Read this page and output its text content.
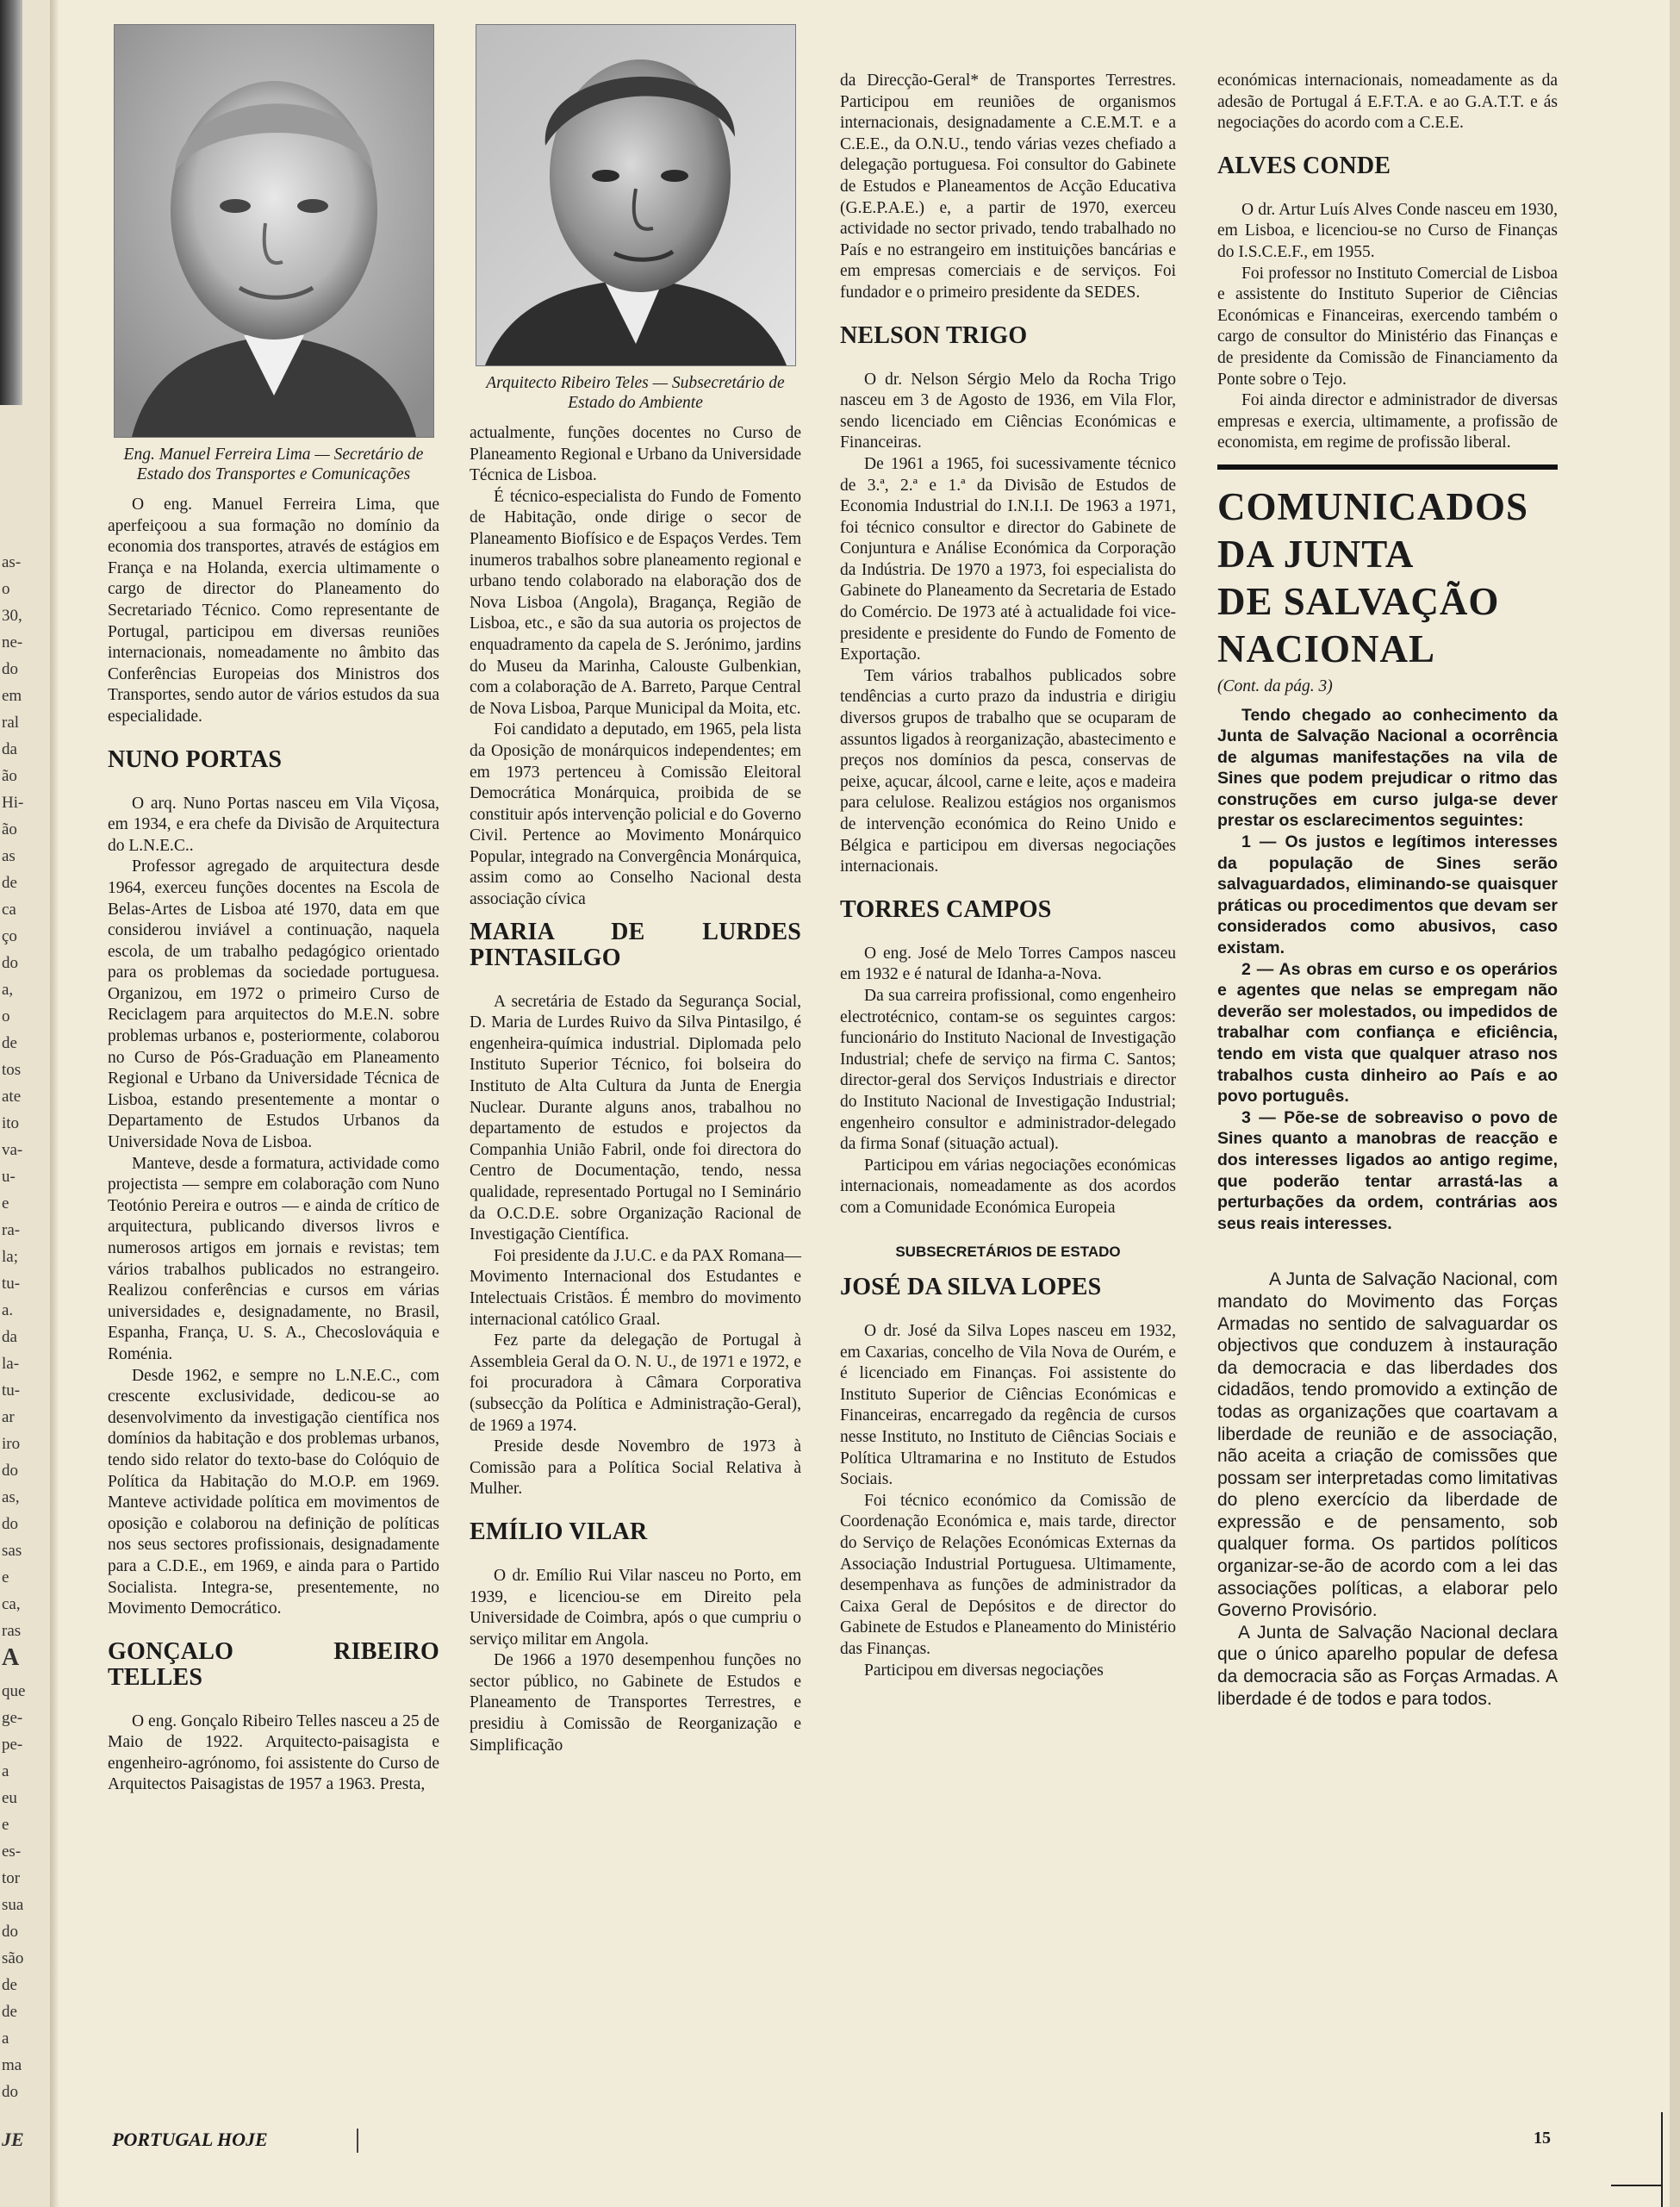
as-
o
30,
ne-
do
em
ral
da
ão
Hi-
ão
as
de
ca
ço
do
a,
o
de
tos
ate
ito
va-
u-
e
ra-
la;
tu-
a.
da
la-
tu-
ar
iro
do
as,
do
sas
e
ca,
ras
A
que
ge-
pe-
a
eu
e
es-
tor
sua
do
são
de
de
a
ma
do
JE
Eng. Manuel Ferreira Lima — Secretário de Estado dos Transportes e Comunicações

O eng. Manuel Ferreira Lima, que aperfeiçoou a sua formação no domínio da economia dos transportes, através de estágios em França e na Holanda, exercia ultimamente o cargo de director do Planeamento do Secretariado Técnico. Como representante de Portugal, participou em diversas reuniões internacionais, nomeadamente no âmbito das Conferências Europeias dos Ministros dos Transportes, sendo autor de vários estudos da sua especialidade.

NUNO PORTAS

O arq. Nuno Portas nasceu em Vila Viçosa, em 1934, e era chefe da Divisão de Arquitectura do L.N.E.C..

Professor agregado de arquitectura desde 1964, exerceu funções docentes na Escola de Belas-Artes de Lisboa até 1970, data em que considerou inviável a continuação, naquela escola, de um trabalho pedagógico orientado para os problemas da sociedade portuguesa. Organizou, em 1972 o primeiro Curso de Reciclagem para arquitectos do M.E.N. sobre problemas urbanos e, posteriormente, colaborou no Curso de Pós-Graduação em Planeamento Regional e Urbano da Universidade Técnica de Lisboa, estando presentemente a montar o Departamento de Estudos Urbanos da Universidade Nova de Lisboa.

Manteve, desde a formatura, actividade como projectista — sempre em colaboração com Nuno Teotónio Pereira e outros — e ainda de crítico de arquitectura, publicando diversos livros e numerosos artigos em jornais e revistas; tem vários trabalhos publicados no estrangeiro. Realizou conferências e cursos em várias universidades e, designadamente, no Brasil, Espanha, França, U. S. A., Checoslováquia e Roménia.

Desde 1962, e sempre no L.N.E.C., com crescente exclusividade, dedicou-se ao desenvolvimento da investigação científica nos domínios da habitação e dos problemas urbanos, tendo sido relator do texto-base do Colóquio de Política da Habitação do M.O.P. em 1969. Manteve actividade política em movimentos de oposição e colaborou na definição de políticas nos seus sectores profissionais, designadamente para a C.D.E., em 1969, e ainda para o Partido Socialista. Integra-se, presentemente, no Movimento Democrático.

GONÇALO RIBEIRO TELLES

O eng. Gonçalo Ribeiro Telles nasceu a 25 de Maio de 1922. Arquitecto-paisagista e engenheiro-agrónomo, foi assistente do Curso de Arquitectos Paisagistas de 1957 a 1963. Presta,

Arquitecto Ribeiro Teles — Subsecretário de Estado do Ambiente

actualmente, funções docentes no Curso de Planeamento Regional e Urbano da Universidade Técnica de Lisboa.

É técnico-especialista do Fundo de Fomento de Habitação, onde dirige o secor de Planeamento Biofísico e de Espaços Verdes. Tem inumeros trabalhos sobre planeamento regional e urbano tendo colaborado na elaboração dos de Nova Lisboa (Angola), Bragança, Região de Lisboa, etc., e são da sua autoria os projectos de enquadramento da capela de S. Jerónimo, jardins do Museu da Marinha, Calouste Gulbenkian, com a colaboração de A. Barreto, Parque Central de Nova Lisboa, Parque Municipal da Moita, etc.

Foi candidato a deputado, em 1965, pela lista da Oposição de monárquicos independentes; em em 1973 pertenceu à Comissão Eleitoral Democrática Monárquica, proibida de se constituir após intervenção policial e do Governo Civil. Pertence ao Movimento Monárquico Popular, integrado na Convergência Monárquica, assim como ao Conselho Nacional desta associação cívica

MARIA DE LURDES PINTASILGO

A secretária de Estado da Segurança Social, D. Maria de Lurdes Ruivo da Silva Pintasilgo, é engenheira-química industrial. Diplomada pelo Instituto Superior Técnico, foi bolseira do Instituto de Alta Cultura da Junta de Energia Nuclear. Durante alguns anos, trabalhou no departamento de estudos e projectos da Companhia União Fabril, onde foi directora do Centro de Documentação, tendo, nessa qualidade, representado Portugal no I Seminário da O.C.D.E. sobre Organização Racional de Investigação Científica.

Foi presidente da J.U.C. e da PAX Romana— Movimento Internacional dos Estudantes e Intelectuais Cristãos. É membro do movimento internacional católico Graal.

Fez parte da delegação de Portugal à Assembleia Geral da O. N. U., de 1971 e 1972, e foi procuradora à Câmara Corporativa (subsecção da Política e Administração-Geral), de 1969 a 1974.

Preside desde Novembro de 1973 à Comissão para a Política Social Relativa à Mulher.

EMÍLIO VILAR

O dr. Emílio Rui Vilar nasceu no Porto, em 1939, e licenciou-se em Direito pela Universidade de Coimbra, após o que cumpriu o serviço militar em Angola.

De 1966 a 1970 desempenhou funções no sector público, no Gabinete de Estudos e Planeamento de Transportes Terrestres, e presidiu à Comissão de Reorganização e Simplificação

da Direcção-Geral* de Transportes Terrestres. Participou em reuniões de organismos internacionais, designadamente a C.E.M.T. e a C.E.E., da O.N.U., tendo várias vezes chefiado a delegação portuguesa. Foi consultor do Gabinete de Estudos e Planeamentos de Acção Educativa (G.E.P.A.E.) e, a partir de 1970, exerceu actividade no sector privado, tendo trabalhado no País e no estrangeiro em instituições bancárias e em empresas comerciais e de serviços. Foi fundador e o primeiro presidente da SEDES.

NELSON TRIGO

O dr. Nelson Sérgio Melo da Rocha Trigo nasceu em 3 de Agosto de 1936, em Vila Flor, sendo licenciado em Ciências Económicas e Financeiras.

De 1961 a 1965, foi sucessivamente técnico de 3.ª, 2.ª e 1.ª da Divisão de Estudos de Economia Industrial do I.N.I.I. De 1963 a 1971, foi técnico consultor e director do Gabinete de Conjuntura e Análise Económica da Corporação da Indústria. De 1970 a 1973, foi especialista do Gabinete do Planeamento da Secretaria de Estado do Comércio. De 1973 até à actualidade foi vice-presidente e presidente do Fundo de Fomento de Exportação.

Tem vários trabalhos publicados sobre tendências a curto prazo da industria e dirigiu diversos grupos de trabalho que se ocuparam de assuntos ligados à reorganização, abastecimento e preços nos domínios da pesca, conservas de peixe, açucar, álcool, carne e leite, aços e madeira para celulose. Realizou estágios nos organismos de intervenção económica do Reino Unido e Bélgica e participou em diversas negociações internacionais.

TORRES CAMPOS

O eng. José de Melo Torres Campos nasceu em 1932 e é natural de Idanha-a-Nova.

Da sua carreira profissional, como engenheiro electrotécnico, contam-se os seguintes cargos: funcionário do Instituto Nacional de Investigação Industrial; chefe de serviço na firma C. Santos; director-geral dos Serviços Industriais e director do Instituto Nacional de Investigação Industrial; engenheiro consultor e administrador-delegado da firma Sonaf (situação actual).

Participou em várias negociações económicas internacionais, nomeadamente as dos acordos com a Comunidade Económica Europeia

SUBSECRETÁRIOS DE ESTADO
JOSÉ DA SILVA LOPES

O dr. José da Silva Lopes nasceu em 1932, em Caxarias, concelho de Vila Nova de Ourém, e é licenciado em Finanças. Foi assistente do Instituto Superior de Ciências Económicas e Financeiras, encarregado da regência de cursos nesse Instituto, no Instituto de Ciências Sociais e Política Ultramarina e no Instituto de Estudos Sociais.

Foi técnico económico da Comissão de Coordenação Económica e, mais tarde, director do Serviço de Relações Económicas Externas da Associação Industrial Portuguesa. Ultimamente, desempenhava as funções de administrador da Caixa Geral de Depósitos e de director do Gabinete de Estudos e Planeamento do Ministério das Finanças.

Participou em diversas negociações

económicas internacionais, nomeadamente as da adesão de Portugal á E.F.T.A. e ao G.A.T.T. e ás negociações do acordo com a C.E.E.

ALVES CONDE

O dr. Artur Luís Alves Conde nasceu em 1930, em Lisboa, e licenciou-se no Curso de Finanças do I.S.C.E.F., em 1955.

Foi professor no Instituto Comercial de Lisboa e assistente do Instituto Superior de Ciências Económicas e Financeiras, exercendo também o cargo de consultor do Ministério das Finanças e de presidente da Comissão de Financiamento da Ponte sobre o Tejo.

Foi ainda director e administrador de diversas empresas e exercia, ultimamente, a profissão de economista, em regime de profissão liberal.

COMUNICADOS
DA JUNTA
DE SALVAÇÃO
NACIONAL
(Cont. da pág. 3)

Tendo chegado ao conhecimento da Junta de Salvação Nacional a ocorrência de algumas manifestações na vila de Sines que podem prejudicar o ritmo das construções em curso julga-se dever prestar os esclarecimentos seguintes:

1 — Os justos e legítimos interesses da população de Sines serão salvaguardados, eliminando-se quaisquer práticas ou procedimentos que devam ser considerados como abusivos, caso existam.

2 — As obras em curso e os operários e agentes que nelas se empregam não deverão ser molestados, ou impedidos de trabalhar com confiança e eficiência, tendo em vista que qualquer atraso nos trabalhos custa dinheiro ao País e ao povo português.

3 — Põe-se de sobreaviso o povo de Sines quanto a manobras de reacção e dos interesses ligados ao antigo regime, que poderão tentar arrastá-las a perturbações da ordem, contrárias aos seus reais interesses.

A Junta de Salvação Nacional, com mandato do Movimento das Forças Armadas no sentido de salvaguardar os objectivos que conduzem à instauração da democracia e das liberdades dos cidadãos, tendo promovido a extinção de todas as organizações que coartavam a liberdade de reunião e de associação, não aceita a criação de comissões que possam ser interpretadas como limitativas do pleno exercício da liberdade de expressão e de pensamento, sob qualquer forma. Os partidos políticos organizar-se-ão de acordo com a lei das associações políticas, a elaborar pelo Governo Provisório.

A Junta de Salvação Nacional declara que o único aparelho popular de defesa da democracia são as Forças Armadas. A liberdade é de todos e para todos.

PORTUGAL HOJE	15
